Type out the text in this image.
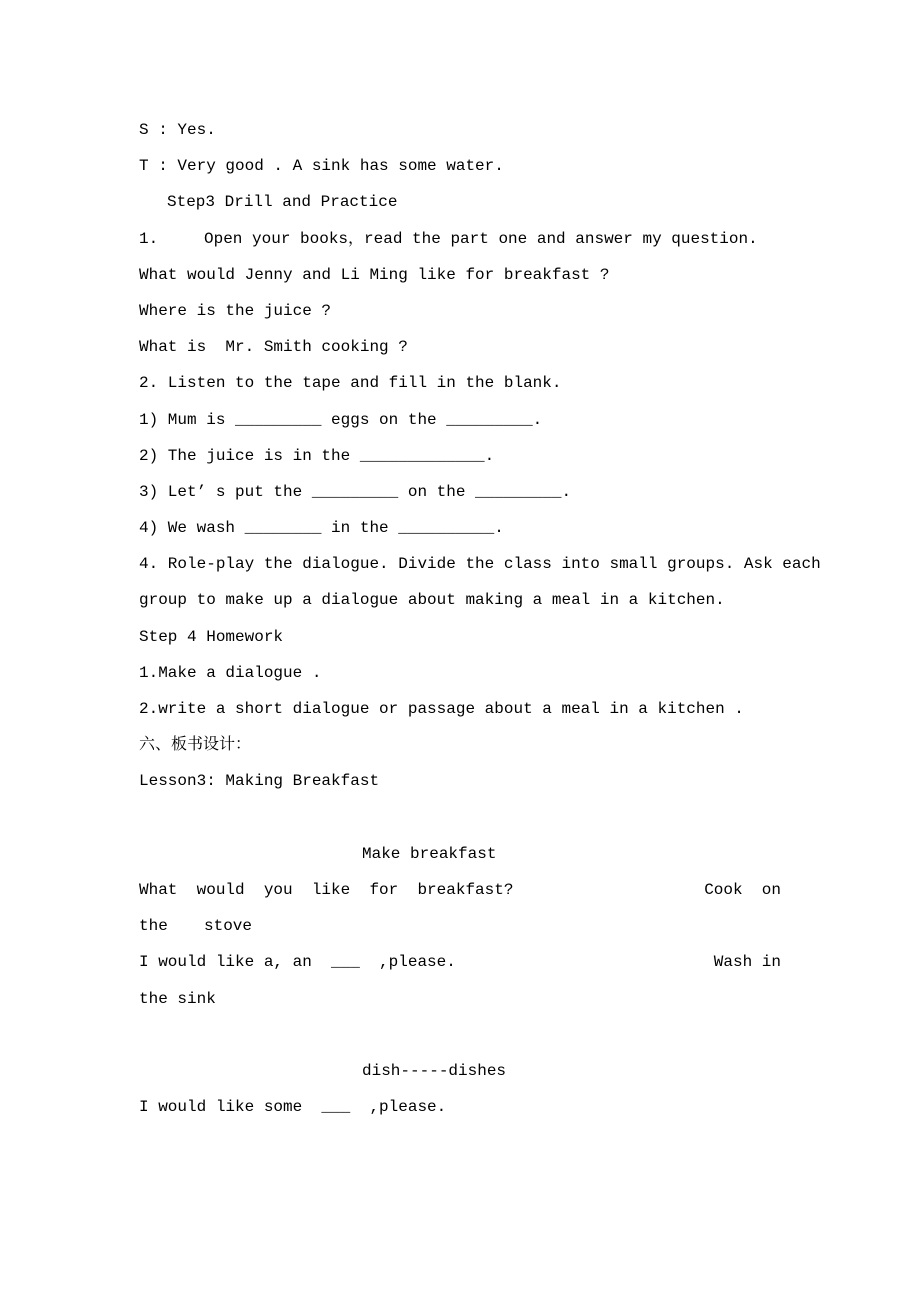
S : Yes.
T : Very good . A sink has some water.
Step3 Drill and Practice
1.	Open your books，read the part one and answer my question.
What would Jenny and Li Ming like for breakfast ?
Where is the juice ?
What is  Mr. Smith cooking ?
2. Listen to the tape and fill in the blank.
1) Mum is _________ eggs on the _________.
2) The juice is in the _____________.
3) Let’ s put the _________ on the _________.
4) We wash ________ in the __________.
4. Role-play the dialogue. Divide the class into small groups. Ask each
group to make up a dialogue about making a meal in a kitchen.
Step 4 Homework
1.Make a dialogue .
2.write a short dialogue or passage about a meal in a kitchen .
六、板书设计：
Lesson3: Making Breakfast
Make breakfast
What  would  you  like  for  breakfast?	Cook  on
the stove
I would like a, an  ___  ,please.	Wash in
the sink
dish-----dishes
I would like some  ___  ,please.
